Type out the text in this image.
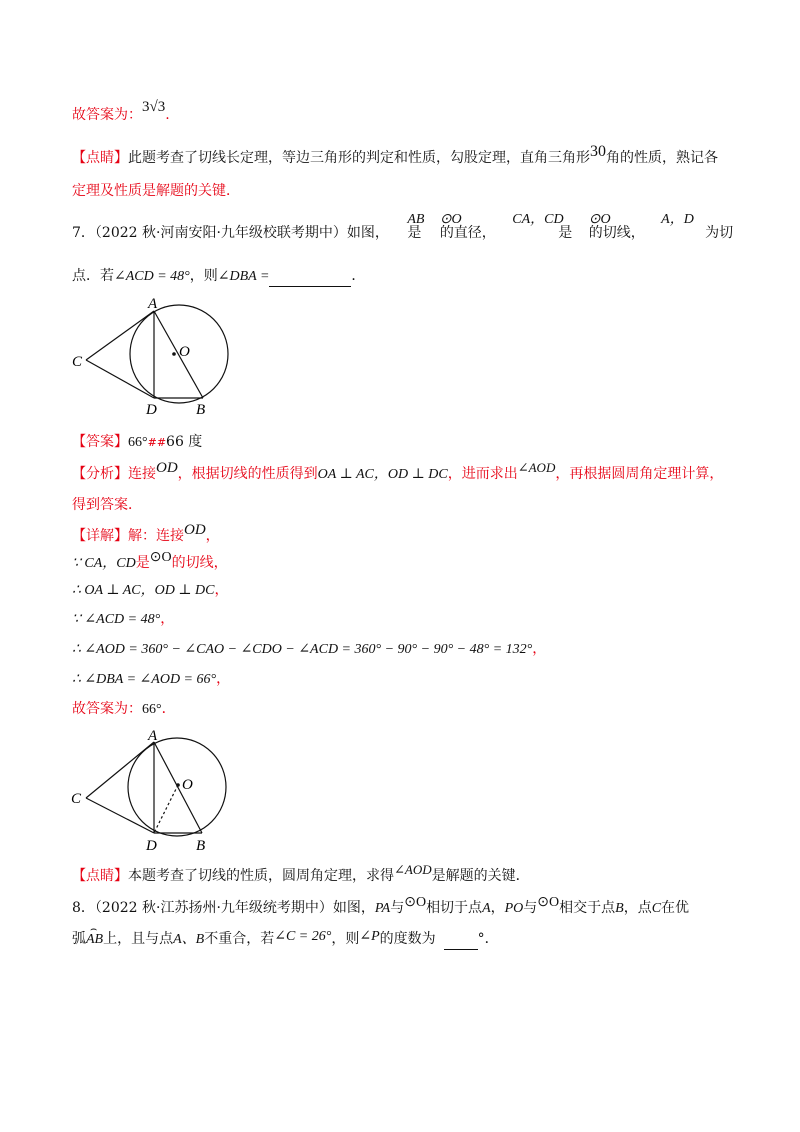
故答案为：3√3.
【点睛】此题考查了切线长定理，等边三角形的判定和性质，勾股定理，直角三角形30角的性质，熟记各
定理及性质是解题的关键．
7．（2022 秋·河南安阳·九年级校联考期中）如图，
AB
是
⊙O
的直径，
CA，CD
是
⊙O
的切线，
A，D
为切
点．若∠ACD = 48°，则∠DBA =	．
A
C
O
D	B
【答案】66°##66 度
【分析】连接OD，根据切线的性质得到OA ⊥ AC，OD ⊥ DC，进而求出∠AOD，再根据圆周角定理计算，
得到答案．
【详解】解：连接OD，
∵ CA，CD是⊙O的切线，
∴ OA ⊥ AC，OD ⊥ DC，
∵ ∠ACD = 48°，
∴ ∠AOD = 360° − ∠CAO − ∠CDO − ∠ACD = 360° − 90° − 90° − 48° = 132°，
∴ ∠DBA = ∠AOD = 66°，
故答案为：66°．
A
C
O
D	B
【点睛】本题考查了切线的性质，圆周角定理，求得∠AOD是解题的关键．
8．（2022 秋·江苏扬州·九年级统考期中）如图，PA与⊙O相切于点A，PO与⊙O相交于点B，点C在优
弧
⌢
AB上，且与点A、B不重合，若∠C = 26°，则∠P的度数为	°．
